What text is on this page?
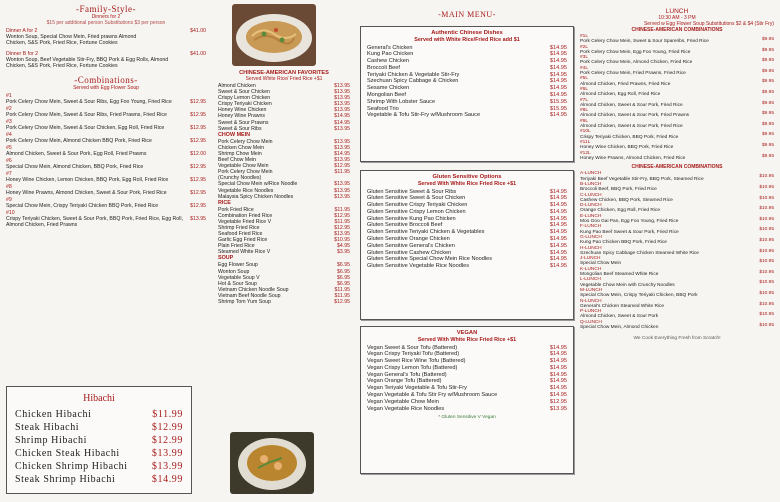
-Family-Style-
Dinners for 2
$15 per additional person Substitutions $3 per person
Dinner A for 2	$41.00
Wonton Soup, Special Chow Mein, Fried prawns Almond Chicken, S&S Pork, Fried Rice, Fortune Cookies
Dinner B for 2	$41.00
Wonton Soup, Beef Vegetable Stir-Fry, BBQ Pork & Egg Rolls, Almond Chicken, S&S Pork, Fried Rice, Fortune Cookies
-Combinations-
Served with Egg Flower Soup
#1
Pork Celery Chow Mein, Sweet & Sour Ribs, Egg Foo Young, Fried Rice	$12.95
#2
Pork Celery Chow Mein, Sweet & Sour Ribs, Fried Prawns, Fried Rice	$12.95
#3
Pork Celery Chow Mein, Sweet & Sour Chicken, Egg Roll, Fried Rice	$12.95
#4
Pork Celery Chow Mein, Almond Chicken BBQ Pork, Fried Rice	$12.95
#5
Almond Chicken, Sweet & Sour Pork, Egg Roll, Fried Prawns	$12.00
#6
Special Chow Mein, Almond Chicken, BBQ Pork, Fried Rice	$12.95
#7
Honey Wine Chicken, Lemon Chicken, BBQ Pork, Egg Roll, Fried Rice	$12.95
#8
Honey Wine Prawns, Almond Chicken, Sweet & Sour Pork, Fried Rice	$12.95
#9
Special Chow Mein, Crispy Teriyaki Chicken BBQ Pork, Fried Rice	$12.95
#10
Crispy Teriyaki Chicken, Sweet & Sour Pork, BBQ Pork, Fried Rice, Egg Roll, Almond Chicken, Fried Prawns
$13.95
Hibachi
Chicken Hibachi	$11.99
Steak Hibachi	$12.99
Shrimp Hibachi	$12.99
Chicken Steak Hibachi	$13.99
Chicken Shrimp Hibachi	$13.99
Steak Shrimp Hibachi	$14.99
CHINESE-AMERICAN FAVORITES
Served White Rice/ Fried Rice +$1
Almond Chicken	$13.95
Sweet & Sour Chicken	$13.95
Crispy Lemon Chicken	$13.95
Crispy Teriyaki Chicken	$13.95
Honey Wine Chicken	$13.95
Honey Wine Prawns	$14.95
Sweet & Sour Prawns	$14.95
Sweet & Sour Ribs	$13.95
CHOW MEIN
Pork Celery Chow Mein	$13.95
Chicken Chow Mein	$13.95
Shrimp Chow Mein	$14.95
Beef Chow Mein	$13.95
Vegetable Chow Mein	$12.95
Pork Celery Chow Mein	$11.95
(Crunchy Noodles)
Special Chow Mein w/Rice Noodle	$13.95
Vegetable Rice Noodles	$13.95
Malaysia Spicy Chicken Noodles	$13.95
RICE
Pork Fried Rice	$11.95
Combination Fried Rice	$12.95
Vegetable Fried Rice V	$11.95
Shrimp Fried Rice	$12.95
Seafood Fried Rice	$13.95
Garlic Egg Fried Rice	$10.95
Plain Fried Rice	$4.95
Steamed White Rice V	$3.95
SOUP
Egg Flower Soup	$6.95
Wonton Soup	$6.95
Vegetable Soup V	$6.95
Hot & Sour Soup	$6.95
Vietnam Chicken Noodle Soup	$11.95
Vietnam Beef Noodle Soup	$11.95
Shrimp Tom Yum Soup	$12.95
-MAIN MENU-
Authentic Chinese Dishes
Served with White Rice/Fried Rice add $1
General's Chicken	$14.95
Kung Pao Chicken	$14.95
Cashew Chicken	$14.95
Broccoli Beef	$14.95
Teriyaki Chicken & Vegetable Stir-Fry	$14.95
Szechuan Spicy Cabbage & Chicken	$14.95
Sesame Chicken	$14.95
Mongolian Beef	$14.95
Shrimp With Lobster Sauce	$15.95
Seafood Trio	$15.95
Vegetable & Tofu Stir-Fry w/Mushroom Sauce	$14.95
Gluten Sensitive Options
Served With White Rice Fried Rice +$1
Gluten Sensitive Sweet & Sour Ribs	$14.95
Gluten Sensitive Sweet & Sour Chicken	$14.95
Gluten Sensitive Crispy Teriyaki Chicken	$14.95
Gluten Sensitive Crispy Lemon Chicken	$14.95
Gluten Sensitive Kung Pao Chicken	$14.95
Gluten Sensitive Broccoli Beef	$14.95
Gluten Sensitive Teriyaki Chicken & Vegetables	$14.95
Gluten Sensitive Orange Chicken	$14.95
Gluten Sensitive General's Chicken	$14.95
Gluten Sensitive Cashew Chicken	$14.95
Gluten Sensitive Special Chow Mein Rice Noodles	$14.95
Gluten Sensitive Vegetable Rice Noodles	$14.95
VEGAN
Served With White Rice Fried Rice +$1
Vegan Sweet & Sour Tofu (Battered)	$14.95
Vegan Crispy Teriyaki Tofu (Battered)	$14.95
Vegan Sweet Rice Wine Tofu (Battered)	$14.95
Vegan Crispy Lemon Tofu (Battered)	$14.95
Vegan General's Tofu (Battered)	$14.95
Vegan Orange Tofu (Battered)	$14.95
Vegan Teriyaki Vegetable & Tofu Stir-Fry	$14.95
Vegan Vegetable & Tofu Stir Fry w/Mushroom Sauce	$14.95
Vegan Vegetable Chow Mein	$12.95
Vegan Vegetable Rice Noodles	$13.95
* Gluten Sensitive V Vegan
LUNCH
10:30 AM - 3 PM
Served w Egg Flower Soup Substitutions $2 & $4 (Stir Fry)
CHINESE-AMERICAN COMBINATIONS
#1L
Pork Celery Chow Mein, Sweet & Sour Spareribs, Fried Rice	$9.95
#2L
Pork Celery Chow Mein, Egg Foo Young, Fried Rice	$9.95
#3L
Pork Celery Chow Mein, Almond Chicken, Fried Rice	$9.95
#4L
Pork Celery Chow Mein, Fried Prawns, Fried Rice	$9.95
#5L
Almond Chicken, Fried Prawns, Fried Rice	$9.95
#6L
Almond Chicken, Egg Roll, Fried Rice	$9.95
#7L
Almond Chicken, Sweet & Sour Pork, Fried Rice	$9.95
#8L
Almond Chicken, Sweet & Sour Pork, Fried Prawns	$9.95
#9L
Almond Chicken, Sweet & Sour Pork, Fried Rice	$9.95
#10L
Crispy Teriyaki Chicken, BBQ Pork, Fried Rice	$9.95
#11L
Honey Wine Chicken, BBQ Pork, Fried Rice	$9.95
#12L
Honey Wine Prawns, Almond Chicken, Fried Rice	$9.95
CHINESE-AMERICAN COMBINATIONS
A-LUNCH
Teriyaki Beef Vegetable Stir-Fry, BBQ Pork, Steamed Rice	$10.95
B-LUNCH
Broccoli Beef, BBQ Pork, Fried Rice	$10.95
C-LUNCH
Cashew Chicken, BBQ Pork, Steamed Rice	$10.95
D-LUNCH
Orange Chicken, Egg Roll, Fried Rice	$10.95
E-LUNCH
Moo Goo Gai Pan, Egg Foo Young, Fried Rice	$10.95
F-LUNCH
Kung Pao Beef Sweet & Sour Pork, Fried Rice	$10.95
G-LUNCH
Kung Pao Chicken BBQ Pork, Fried Rice	$10.95
H-LUNCH
Szechuan Spicy Cabbage Chicken Steamed White Rice	$10.95
J-LUNCH
Special Chow Mein	$10.95
K-LUNCH
Mongolian Beef Steamed White Rice	$10.95
L-LUNCH
Vegetable Chow Mein with Crunchy Noodles	$10.95
M-LUNCH
Special Chow Mein, Crispy Teriyaki Chicken, BBQ Pork	$10.95
N-LUNCH
General's Chicken Steamed White Rice	$10.95
P-LUNCH
Almond Chicken, Sweet & Sour Pork	$10.95
Q-LUNCH
Special Chow Mein, Almond Chicken	$10.95
We Cook Everything Fresh from Scratch!
